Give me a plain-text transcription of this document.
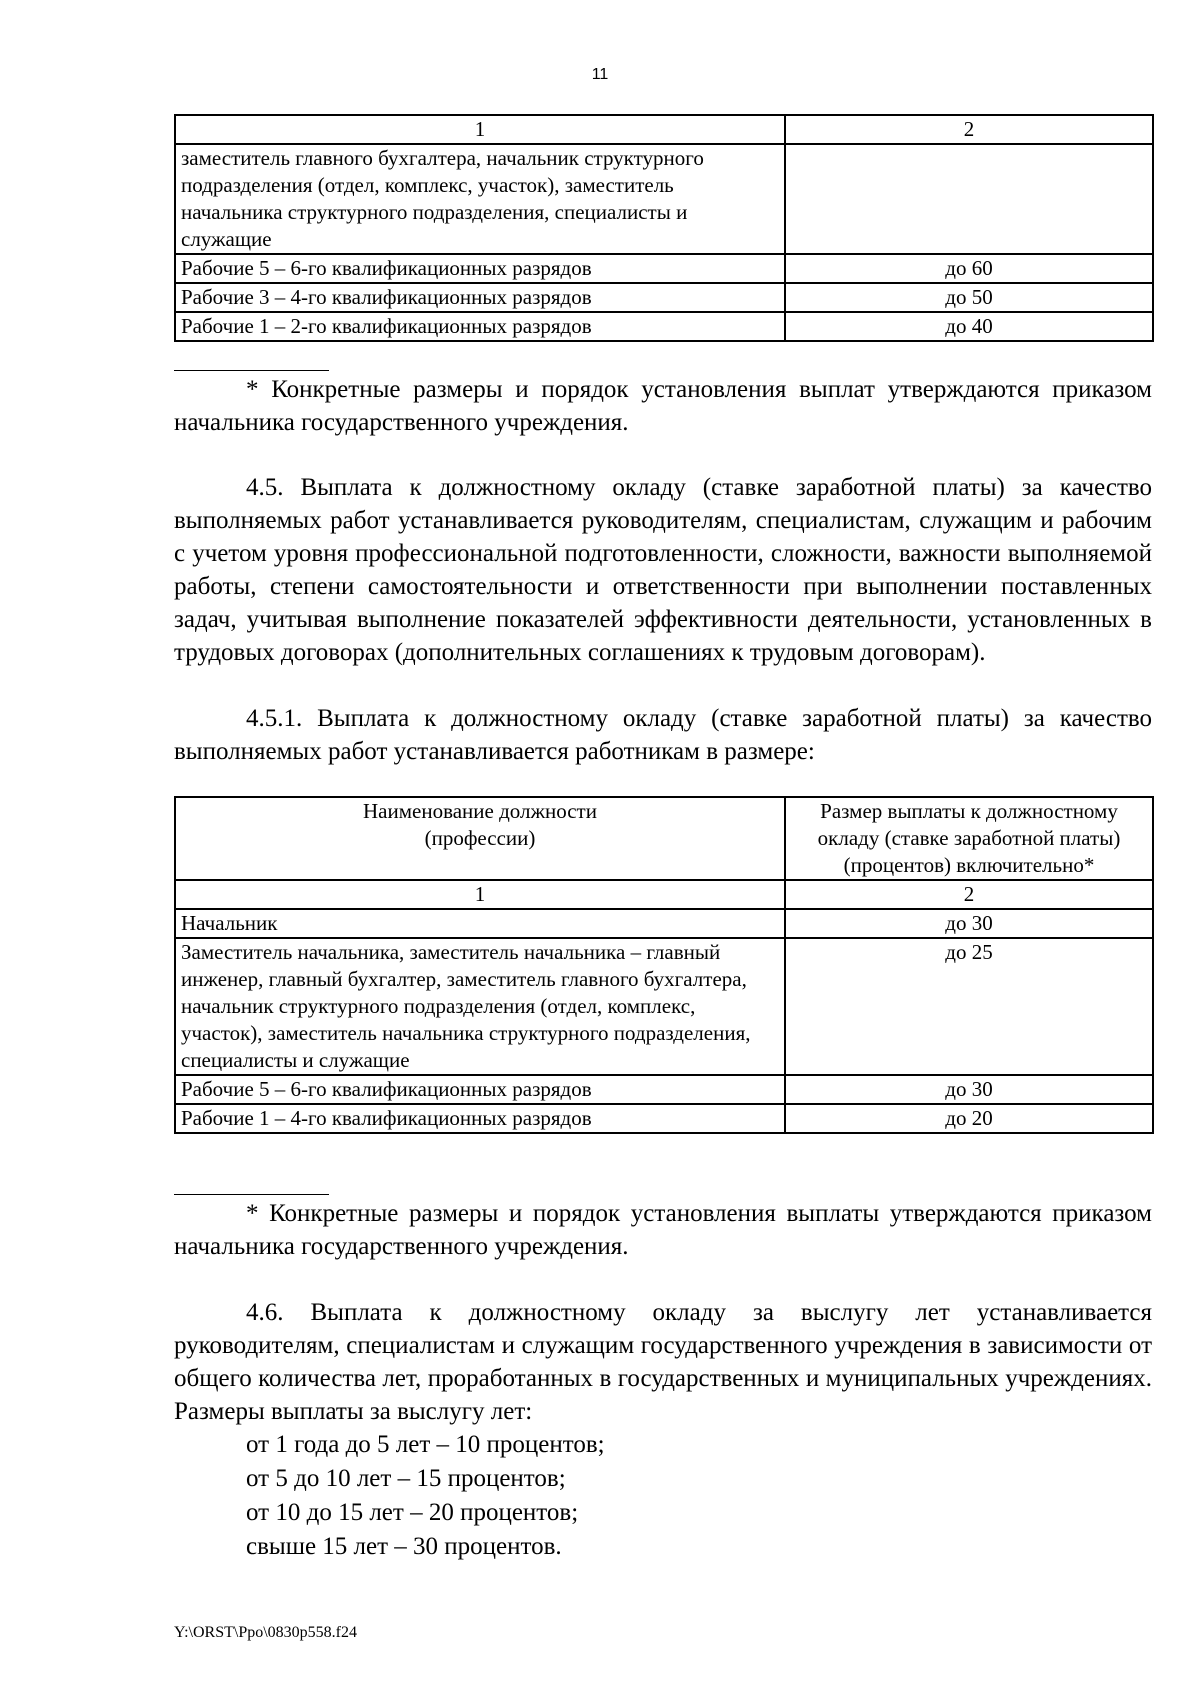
11
1	2
заместитель главного бухгалтера, начальник структурного подразделения (отдел, комплекс, участок), заместитель начальника структурного подразделения, специалисты и служащие	
Рабочие 5 – 6-го квалификационных разрядов	до 60
Рабочие 3 – 4-го квалификационных разрядов	до 50
Рабочие 1 – 2-го квалификационных разрядов	до 40

* Конкретные размеры и порядок установления выплат утверждаются приказом начальника государственного учреждения.

4.5. Выплата к должностному окладу (ставке заработной платы) за качество выполняемых работ устанавливается руководителям, специалистам, служащим и рабочим с учетом уровня профессиональной подготовленности, сложности, важности выполняемой работы, степени самостоятельности и ответственности при выполнении поставленных задач, учитывая выполнение показателей эффективности деятельности, установленных в трудовых договорах (дополнительных соглашениях к трудовым договорам).

4.5.1. Выплата к должностному окладу (ставке заработной платы) за качество выполняемых работ устанавливается работникам в размере:

Наименование должности (профессии)	Размер выплаты к должностному окладу (ставке заработной платы) (процентов) включительно*
1	2
Начальник	до 30
Заместитель начальника, заместитель начальника – главный инженер, главный бухгалтер, заместитель главного бухгалтера, начальник структурного подразделения (отдел, комплекс, участок), заместитель начальника структурного подразделения, специалисты и служащие	до 25
Рабочие 5 – 6-го квалификационных разрядов	до 30
Рабочие 1 – 4-го квалификационных разрядов	до 20

* Конкретные размеры и порядок установления выплаты утверждаются приказом начальника государственного учреждения.

4.6. Выплата к должностному окладу за выслугу лет устанавливается руководителям, специалистам и служащим государственного учреждения в зависимости от общего количества лет, проработанных в государственных и муниципальных учреждениях. Размеры выплаты за выслугу лет:

от 1 года до 5 лет – 10 процентов;

от 5 до 10 лет – 15 процентов;

от 10 до 15 лет – 20 процентов;

свыше 15 лет – 30 процентов.

Y:\ORST\Ppo\0830p558.f24
